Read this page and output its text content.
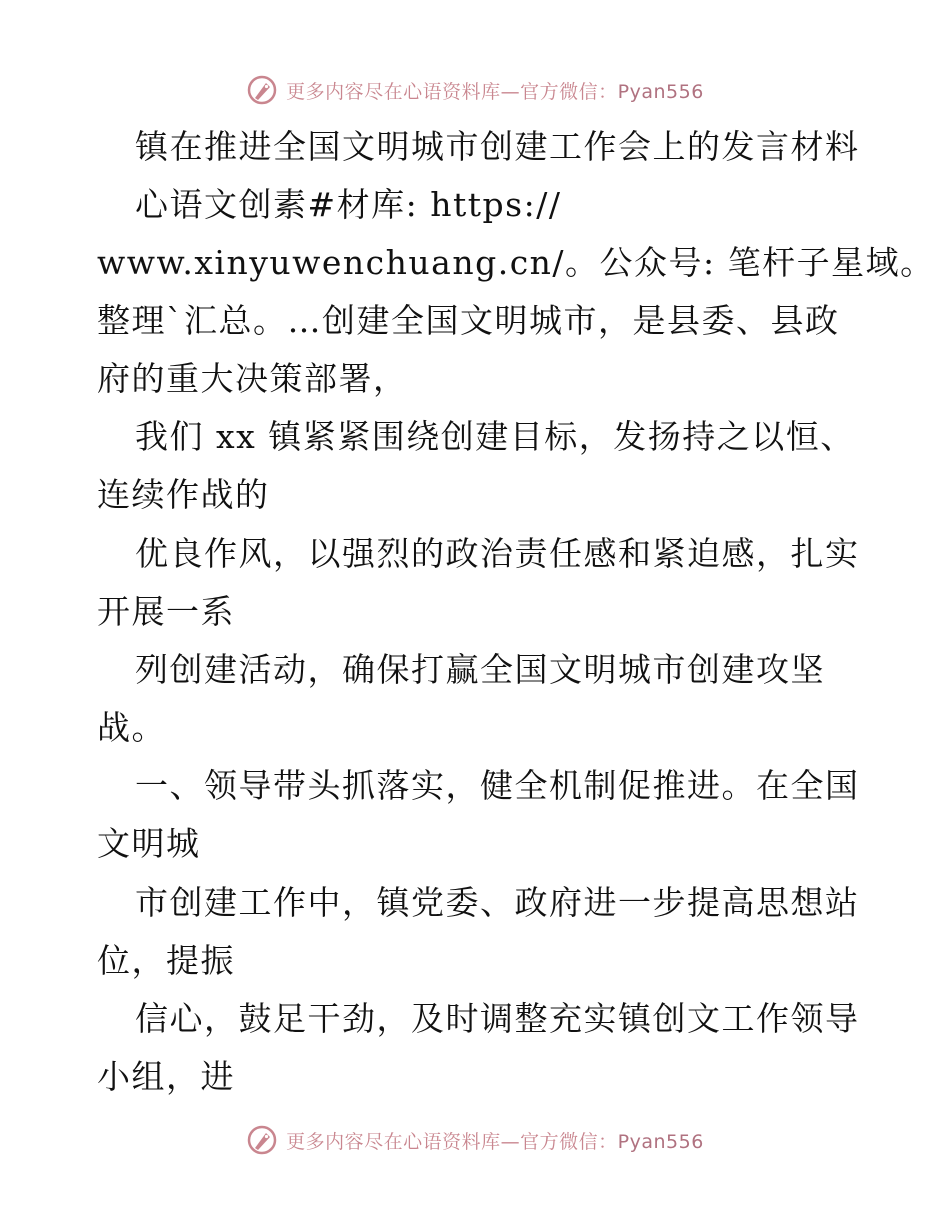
更多内容尽在心语资料库—官方微信：Pyan556
镇在推进全国文明城市创建工作会上的发言材料
心语文创素#材库: https://
www.xinyuwenchuang.cn/。公众号: 笔杆子星域。
整理`汇总。…创建全国文明城市，是县委、县政
府的重大决策部署，
我们 xx 镇紧紧围绕创建目标，发扬持之以恒、
连续作战的
优良作风，以强烈的政治责任感和紧迫感，扎实
开展一系
列创建活动，确保打赢全国文明城市创建攻坚
战。
一、领导带头抓落实，健全机制促推进。在全国
文明城
市创建工作中，镇党委、政府进一步提高思想站
位，提振
信心，鼓足干劲，及时调整充实镇创文工作领导
小组，进
更多内容尽在心语资料库—官方微信：Pyan556
